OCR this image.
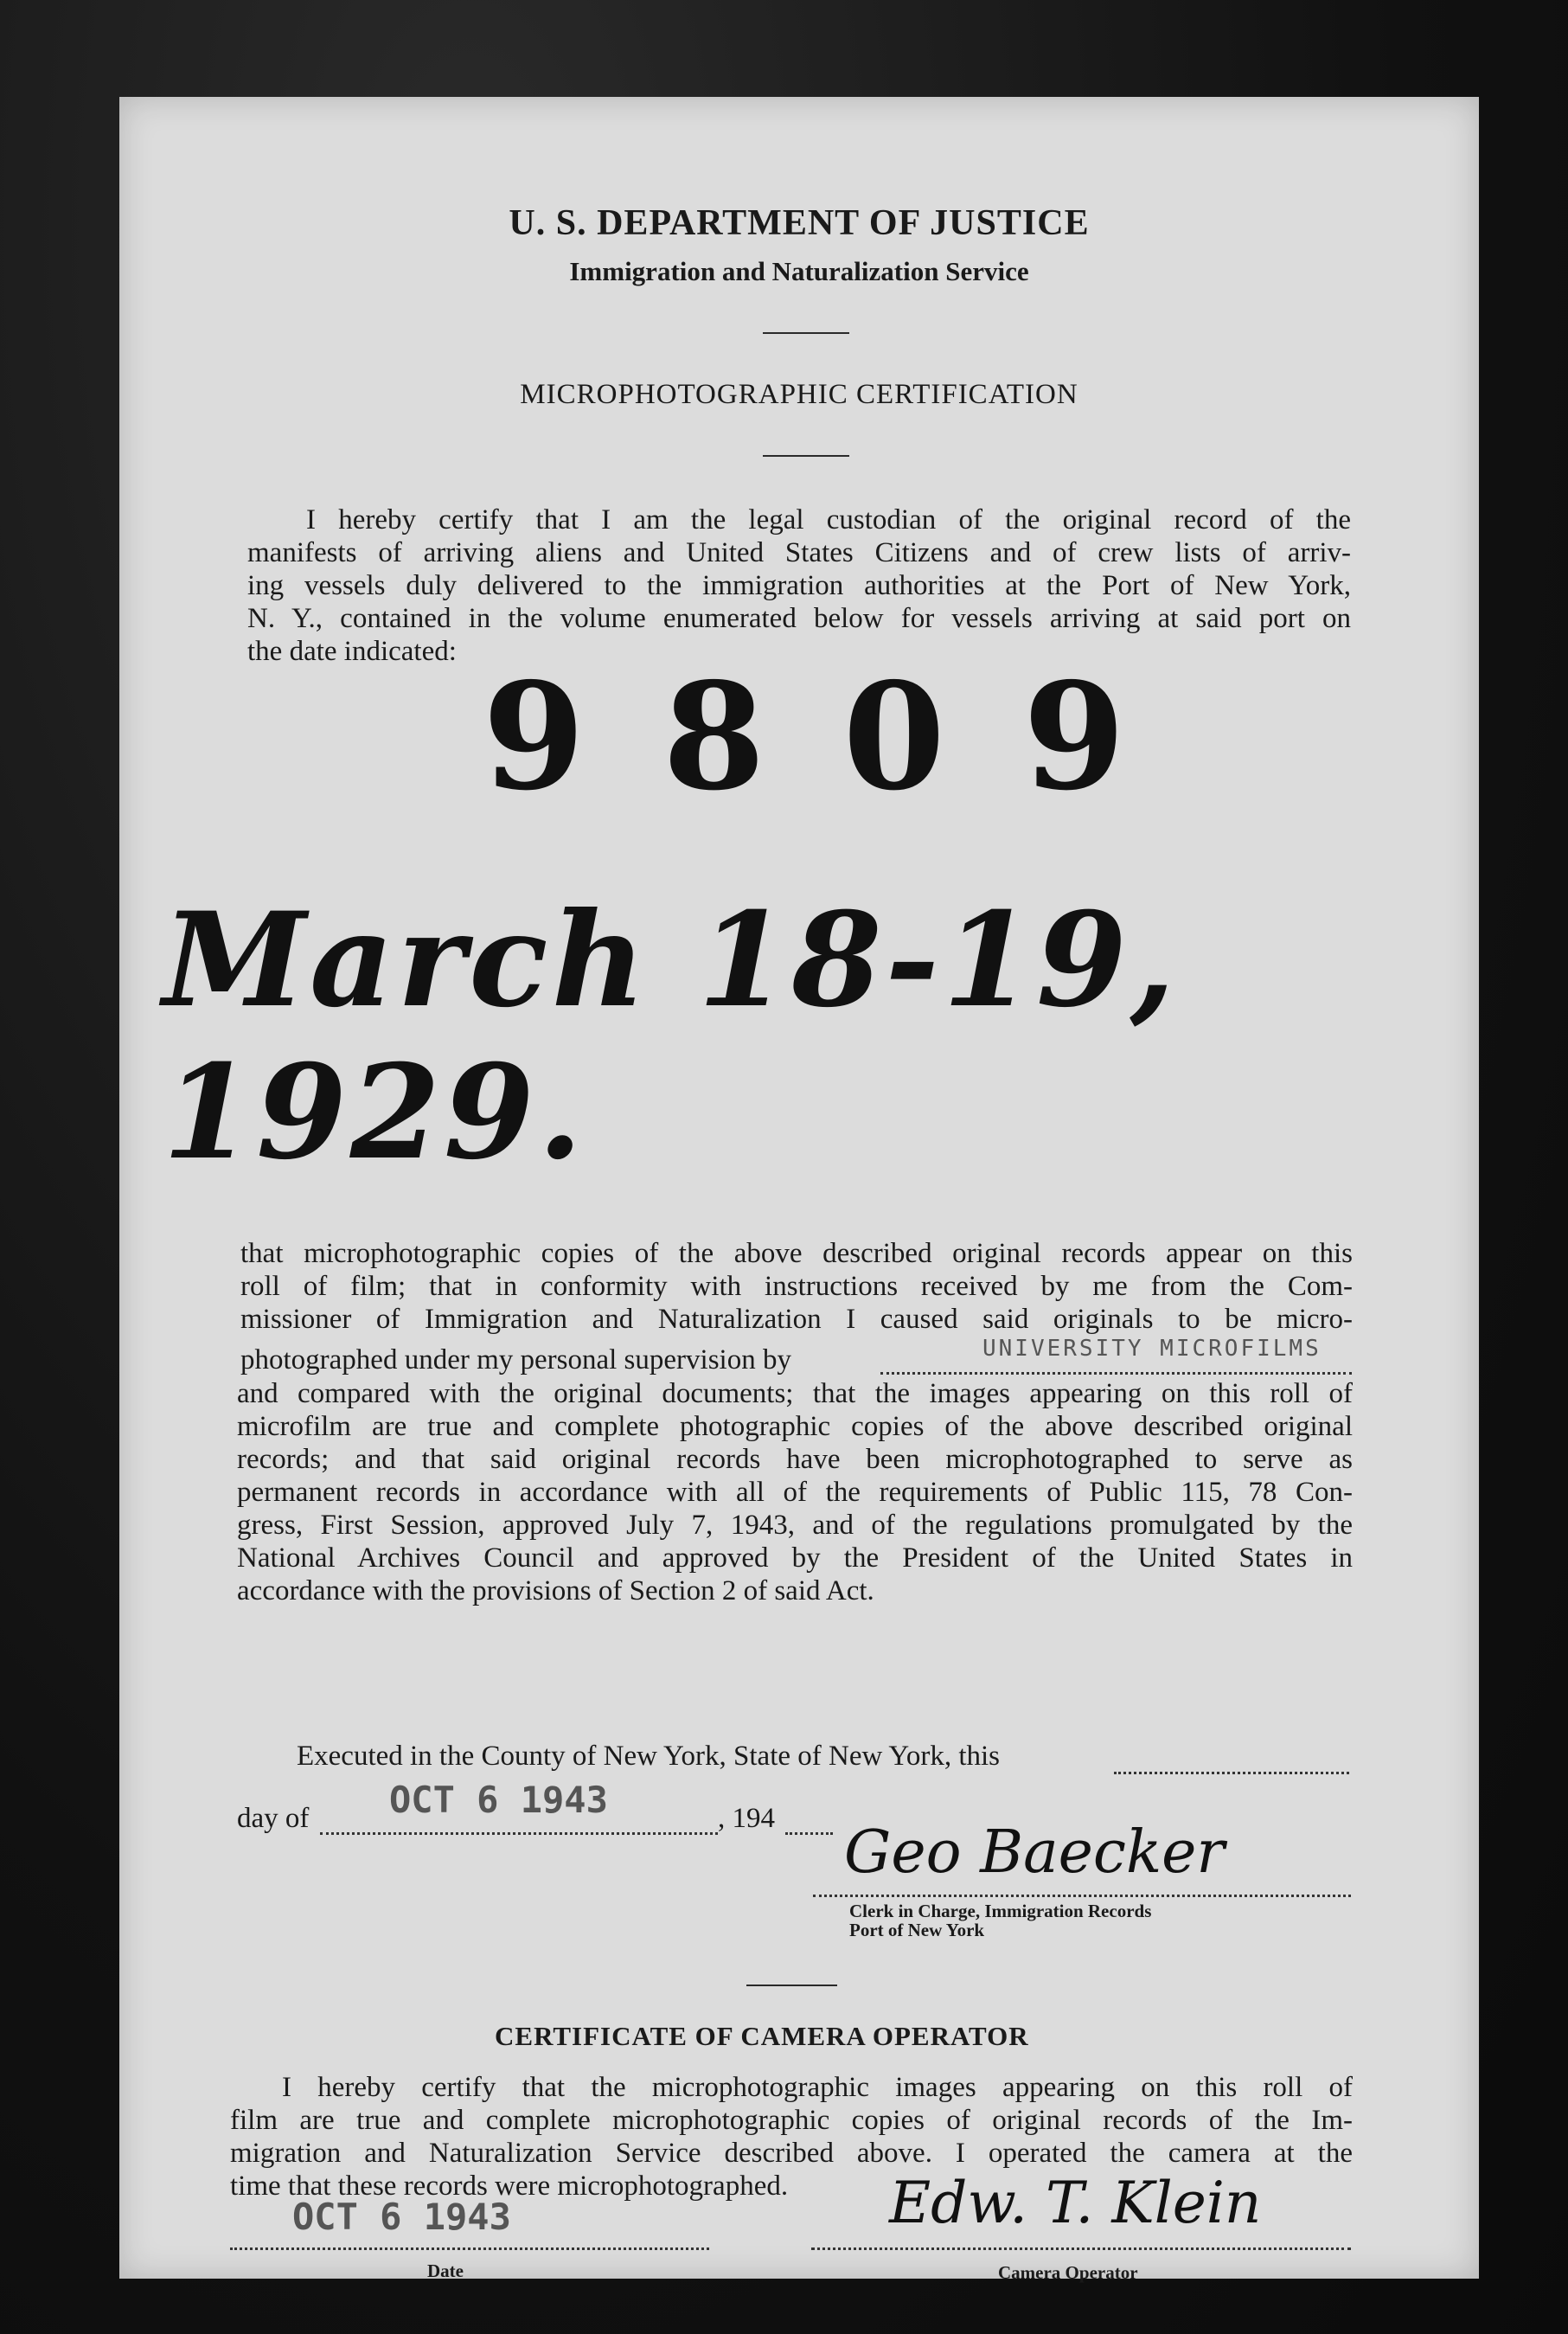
U. S. DEPARTMENT OF JUSTICE
Immigration and Naturalization Service
MICROPHOTOGRAPHIC CERTIFICATION
I hereby certify that I am the legal custodian of the original record of the
manifests of arriving aliens and United States Citizens and of crew lists of arriv-
ing vessels duly delivered to the immigration authorities at the Port of New York,
N. Y., contained in the volume enumerated below for vessels arriving at said port on
the date indicated: 9809
March 18-19, 1929.
that microphotographic copies of the above described original records appear on this
roll of film; that in conformity with instructions received by me from the Com-
missioner of Immigration and Naturalization I caused said originals to be micro-
photographed under my personal supervision by	UNIVERSITY MICROFILMS
and compared with the original documents; that the images appearing on this roll of
microfilm are true and complete photographic copies of the above described original
records; and that said original records have been microphotographed to serve as
permanent records in accordance with all of the requirements of Public 115, 78 Con-
gress, First Session, approved July 7, 1943, and of the regulations promulgated by the
National Archives Council and approved by the President of the United States in
accordance with the provisions of Section 2 of said Act.
Executed in the County of New York, State of New York, this
day of OCT 6 1943	, 194 Geo Baecker
Clerk in Charge, Immigration Records
Port of New York
CERTIFICATE OF CAMERA OPERATOR
I hereby certify that the microphotographic images appearing on this roll of
film are true and complete microphotographic copies of original records of the Im-
migration and Naturalization Service described above. I operated the camera at the
time that these records were microphotographed.
OCT 6 1943
Date
Edw. T. Klein
Camera Operator
